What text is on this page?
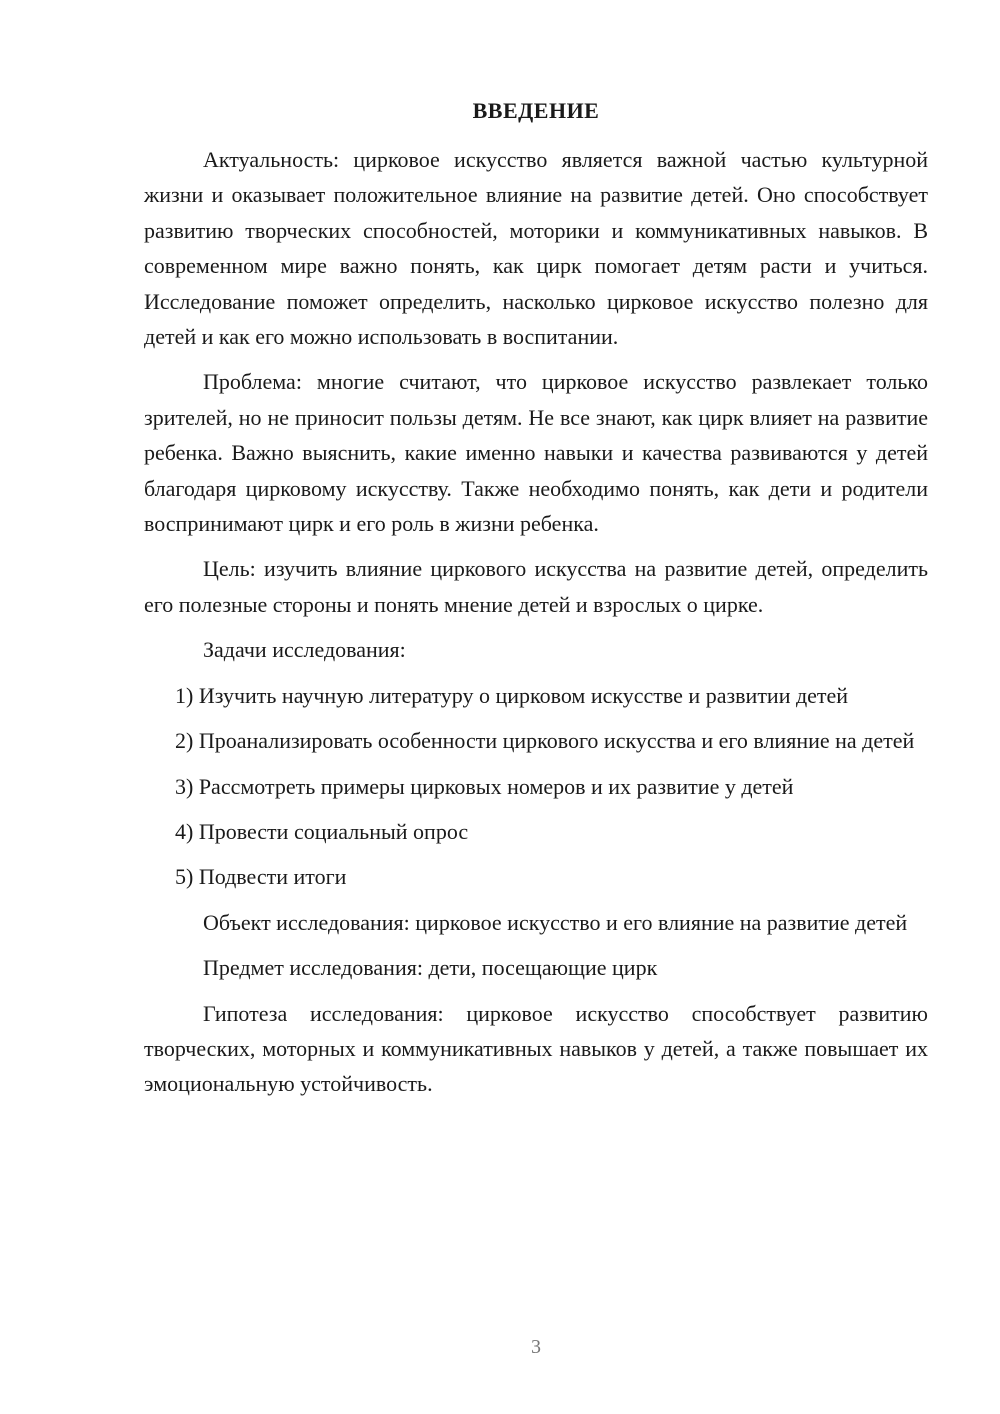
ВВЕДЕНИЕ

Актуальность: цирковое искусство является важной частью культурной жизни и оказывает положительное влияние на развитие детей. Оно способствует развитию творческих способностей, моторики и коммуникативных навыков. В современном мире важно понять, как цирк помогает детям расти и учиться. Исследование поможет определить, насколько цирковое искусство полезно для детей и как его можно использовать в воспитании.

Проблема: многие считают, что цирковое искусство развлекает только зрителей, но не приносит пользы детям. Не все знают, как цирк влияет на развитие ребенка. Важно выяснить, какие именно навыки и качества развиваются у детей благодаря цирковому искусству. Также необходимо понять, как дети и родители воспринимают цирк и его роль в жизни ребенка.

Цель: изучить влияние циркового искусства на развитие детей, определить его полезные стороны и понять мнение детей и взрослых о цирке.

Задачи исследования:

1) Изучить научную литературу о цирковом искусстве и развитии детей

2) Проанализировать особенности циркового искусства и его влияние на детей

3) Рассмотреть примеры цирковых номеров и их развитие у детей

4) Провести социальный опрос

5) Подвести итоги

Объект исследования: цирковое искусство и его влияние на развитие детей

Предмет исследования: дети, посещающие цирк

Гипотеза исследования: цирковое искусство способствует развитию творческих, моторных и коммуникативных навыков у детей, а также повышает их эмоциональную устойчивость.

3
